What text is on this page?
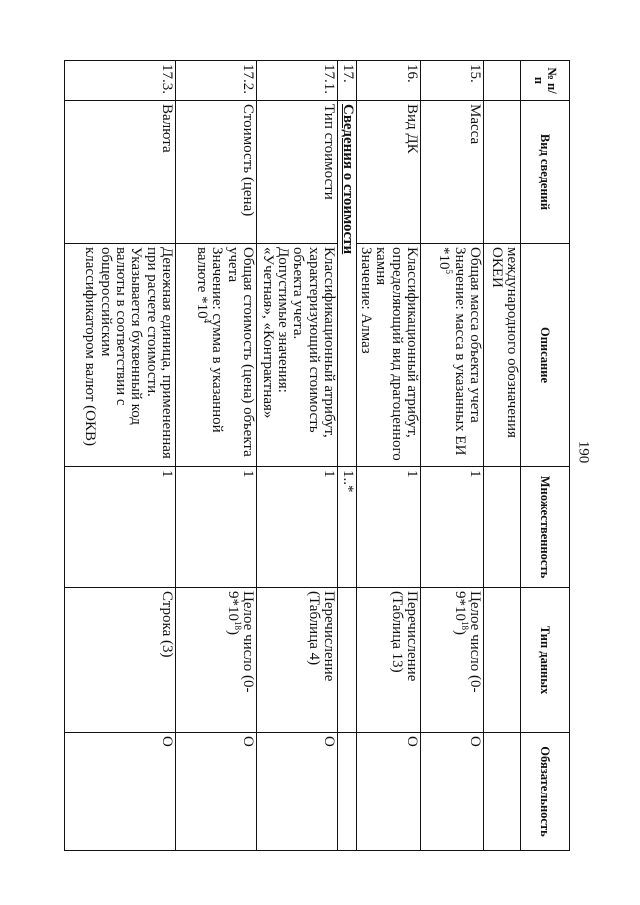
190
№ п/п	Вид сведений	Описание	Множественность	Тип данных	Обязательность

		международного обозначения
ОКЕИ			

15.	Масса	Общая масса объекта учета
Значение: масса в указанных ЕИ $*10^5$	1	Целое число $(0-9*10^{18})$	O
16.	Вид ДК	Классификационный атрибут, определяющий вид драгоценного камня
Значение: Алмаз	1	Перечисление (Таблица 13)	O
17.	Сведения о стоимости		1..*		
17.1.	Тип стоимости	Классификационный атрибут, характеризующий стоимость объекта учета.
Допустимые значения:
«Учетная», «Контрактная»	1	Перечисление (Таблица 4)	O
17.2.	Стоимость (цена)	Общая стоимость (цена) объекта учета
Значение: сумма в указанной валюте $*10^4$	1	Целое число $(0-9*10^{18})$	O
17.3.	Валюта	Денежная единица, примененная при расчете стоимости. Указывается буквенный код валюты в соответствии с общероссийским классификатором валют (ОКВ)	1	Строка (3)	O
